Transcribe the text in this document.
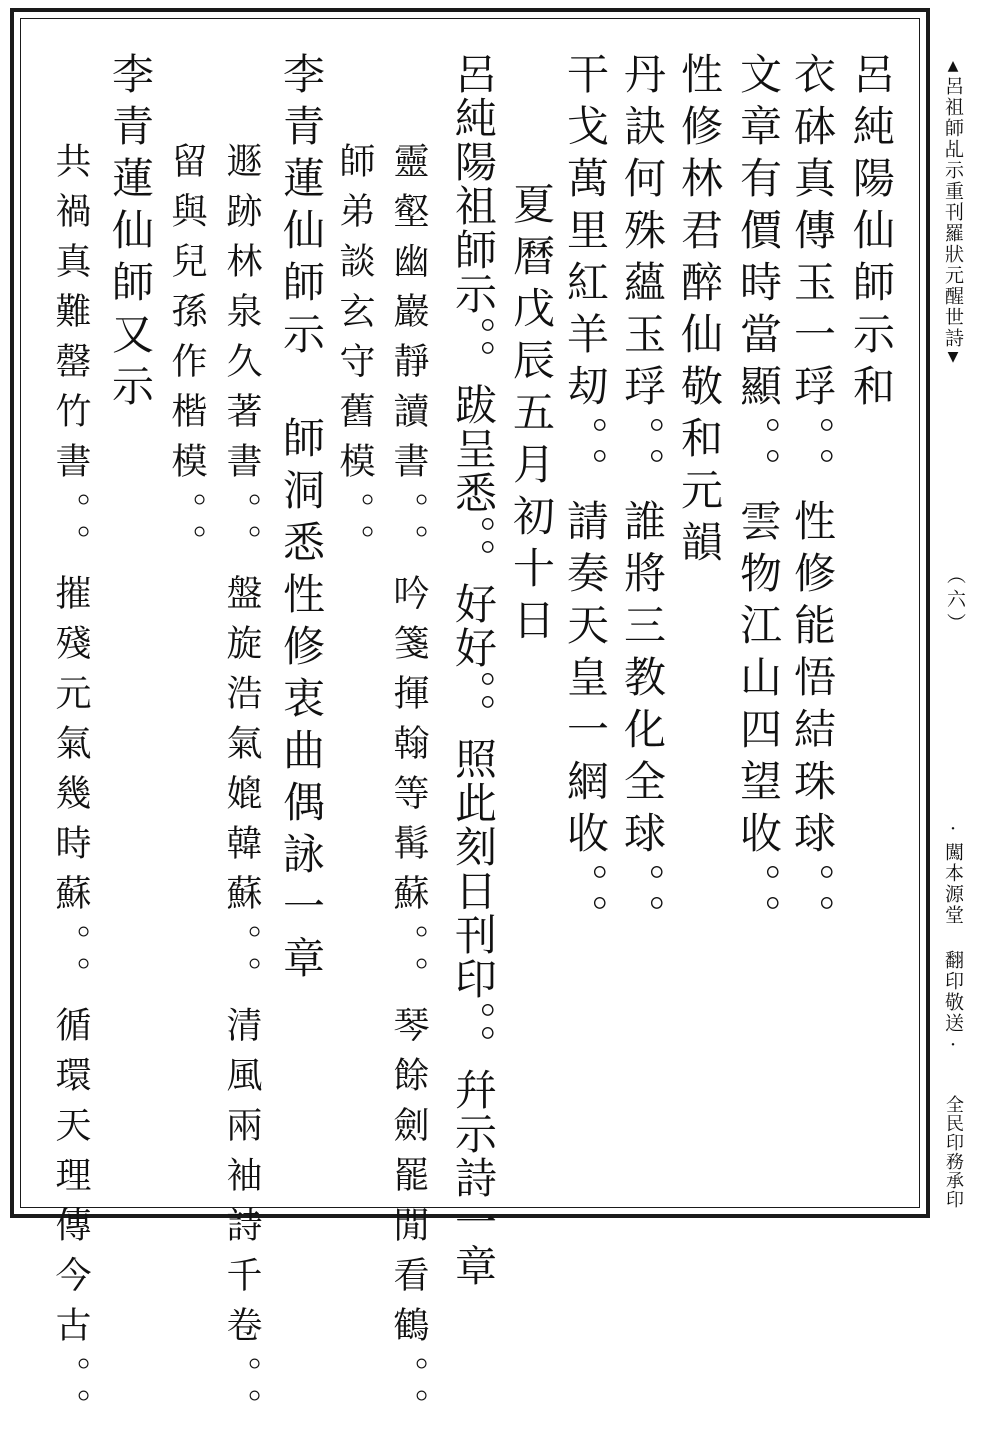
呂純陽仙師示和
衣砵真傳玉一琈。。性修能悟結珠球。。
文章有價時當顯。。雲物江山四望收。。
性修林君醉仙敬和元韻
丹訣何殊蘊玉琈。。誰將三教化全球。。
干戈萬里紅羊刧。。請奏天皇一網收。。
夏曆戊辰五月初十日
呂純陽祖師示。。跋呈悉。。好好。。照此刻日刊印。。幷示詩一章
靈壑幽巖靜讀書。。吟箋揮翰等髯蘇。。琴餘劍罷閒看鶴。。
師弟談玄守舊模。。
李青蓮仙師示　師洞悉性修衷曲偶詠一章
遯跡林泉久著書。。盤旋浩氣媲韓蘇。。清風兩袖詩千卷。。
留與兒孫作楷模。。
李青蓮仙師又示
共禍真難罄竹書。。摧殘元氣幾時蘇。。循環天理傳今古。。
▲呂祖師乩示重刊羅狀元醒世詩▼
（六）
·闖本源堂 翻印敬送·
全民印務承印
